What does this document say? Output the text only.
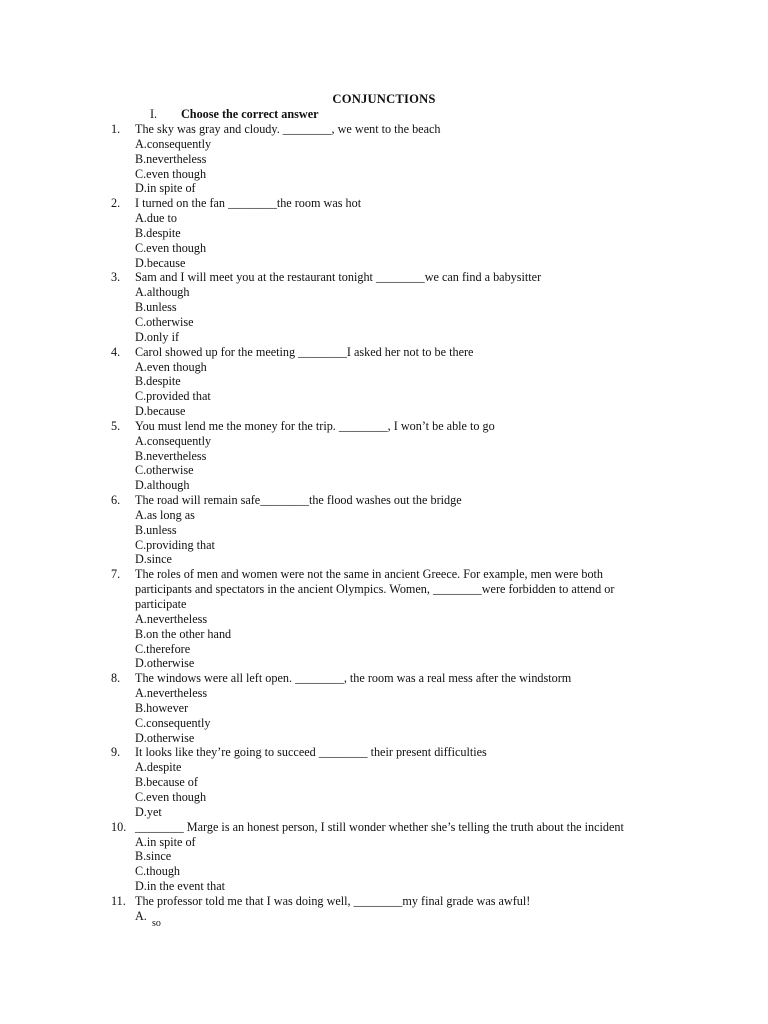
CONJUNCTIONS
I. Choose the correct answer
1.	The sky was gray and cloudy. ________, we went to the beach
A.consequently
B.nevertheless
C.even though
D.in spite of
2.	I turned on the fan ________the room was hot
A.due to
B.despite
C.even though
D.because
3.	Sam and I will meet you at the restaurant tonight ________we can find a babysitter
A.although
B.unless
C.otherwise
D.only if
4.	Carol showed up for the meeting ________I asked her not to be there
A.even though
B.despite
C.provided that
D.because
5.	You must lend me the money for the trip. ________, I won’t be able to go
A.consequently
B.nevertheless
C.otherwise
D.although
6.	The road will remain safe________the flood washes out the bridge
A.as long as
B.unless
C.providing that
D.since
7.	The roles of men and women were not the same in ancient Greece. For example, men were both participants and spectators in the ancient Olympics. Women, ________were forbidden to attend or participate
A.nevertheless
B.on the other hand
C.therefore
D.otherwise
8.	The windows were all left open. ________, the room was a real mess after the windstorm
A.nevertheless
B.however
C.consequently
D.otherwise
9.	It looks like they’re going to succeed ________ their present difficulties
A.despite
B.because of
C.even though
D.yet
10. ________ Marge is an honest person, I still wonder whether she’s telling the truth about the incident
A.in spite of
B.since
C.though
D.in the event that
11. The professor told me that I was doing well, ________my final grade was awful!
A.
so
